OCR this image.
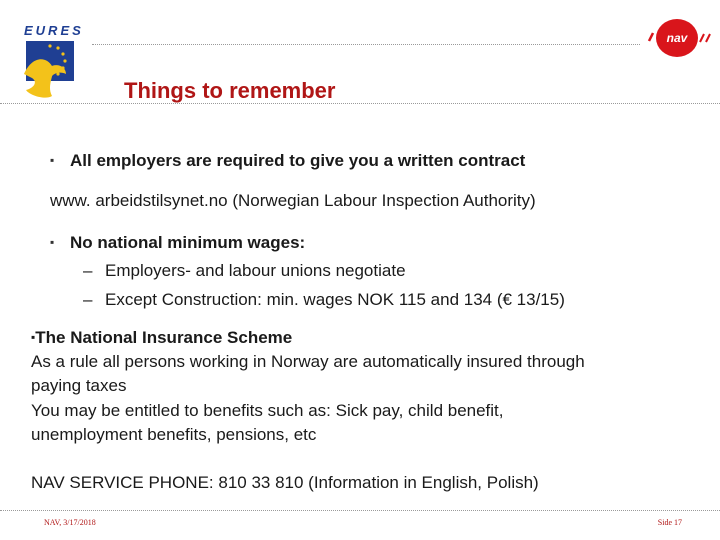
EURES	nav
Things to remember
▪ All employers are required to give you a written contract
www. arbeidstilsynet.no (Norwegian Labour Inspection Authority)
▪ No national minimum wages:
– Employers- and labour unions negotiate
– Except Construction: min. wages NOK 115 and 134 (€ 13/15)
▪The National Insurance Scheme
As a rule all persons working in Norway are automatically insured through
paying taxes
You may be entitled to benefits such as: Sick pay, child benefit,
unemployment benefits, pensions, etc
NAV SERVICE PHONE: 810 33 810 (Information in English, Polish)
NAV, 3/17/2018	Side 17
